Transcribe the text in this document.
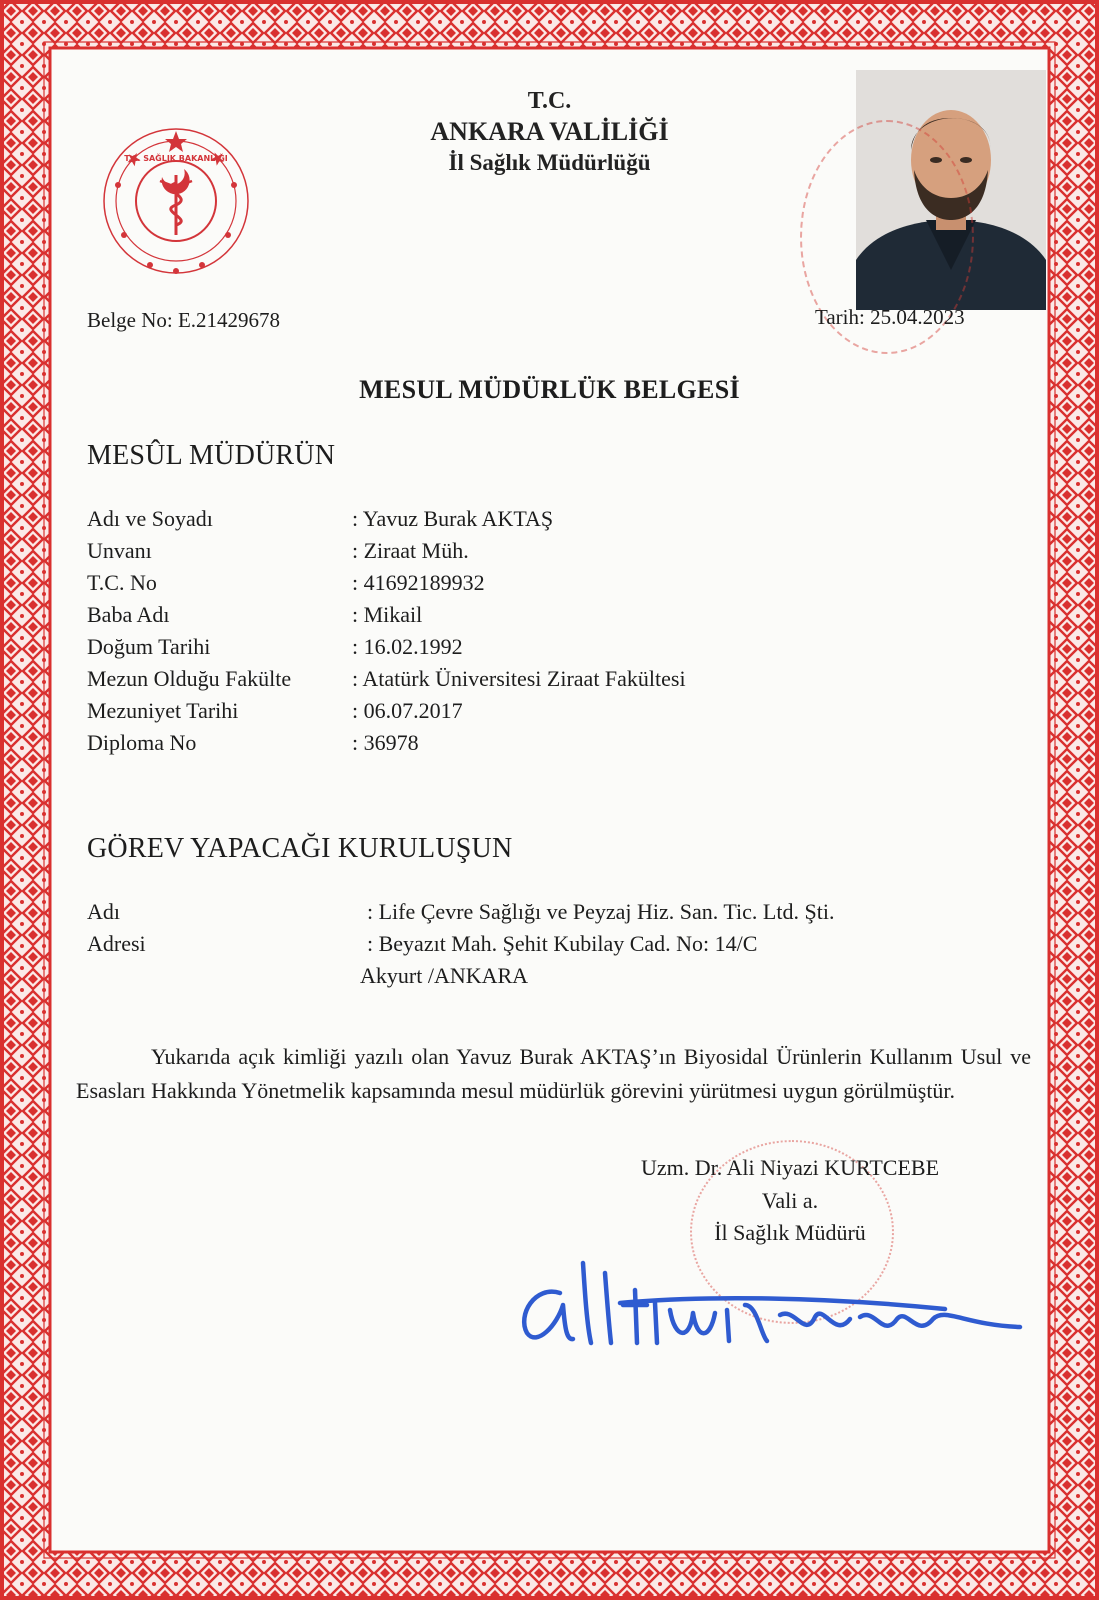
T.C.
ANKARA VALİLİĞİ
İl Sağlık Müdürlüğü
T.C. SAĞLIK BAKANLIĞI
Belge No: E.21429678	Tarih: 25.04.2023
MESUL MÜDÜRLÜK BELGESİ
MESÛL MÜDÜRÜN
Adı ve Soyadı	: Yavuz Burak AKTAŞ
Unvanı	: Ziraat Müh.
T.C. No	: 41692189932
Baba Adı	: Mikail
Doğum Tarihi	: 16.02.1992
Mezun Olduğu Fakülte	: Atatürk Üniversitesi Ziraat Fakültesi
Mezuniyet Tarihi	: 06.07.2017
Diploma No	: 36978
GÖREV YAPACAĞI KURULUŞUN
Adı	: Life Çevre Sağlığı ve Peyzaj Hiz. San. Tic. Ltd. Şti.
Adresi	: Beyazıt Mah. Şehit Kubilay Cad. No: 14/C
Akyurt /ANKARA
Yukarıda açık kimliği yazılı olan Yavuz Burak AKTAŞ’ın Biyosidal Ürünlerin Kullanım Usul ve Esasları Hakkında Yönetmelik kapsamında mesul müdürlük görevini yürütmesi uygun görülmüştür.
Uzm. Dr. Ali Niyazi KURTCEBE
Vali a.
İl Sağlık Müdürü
